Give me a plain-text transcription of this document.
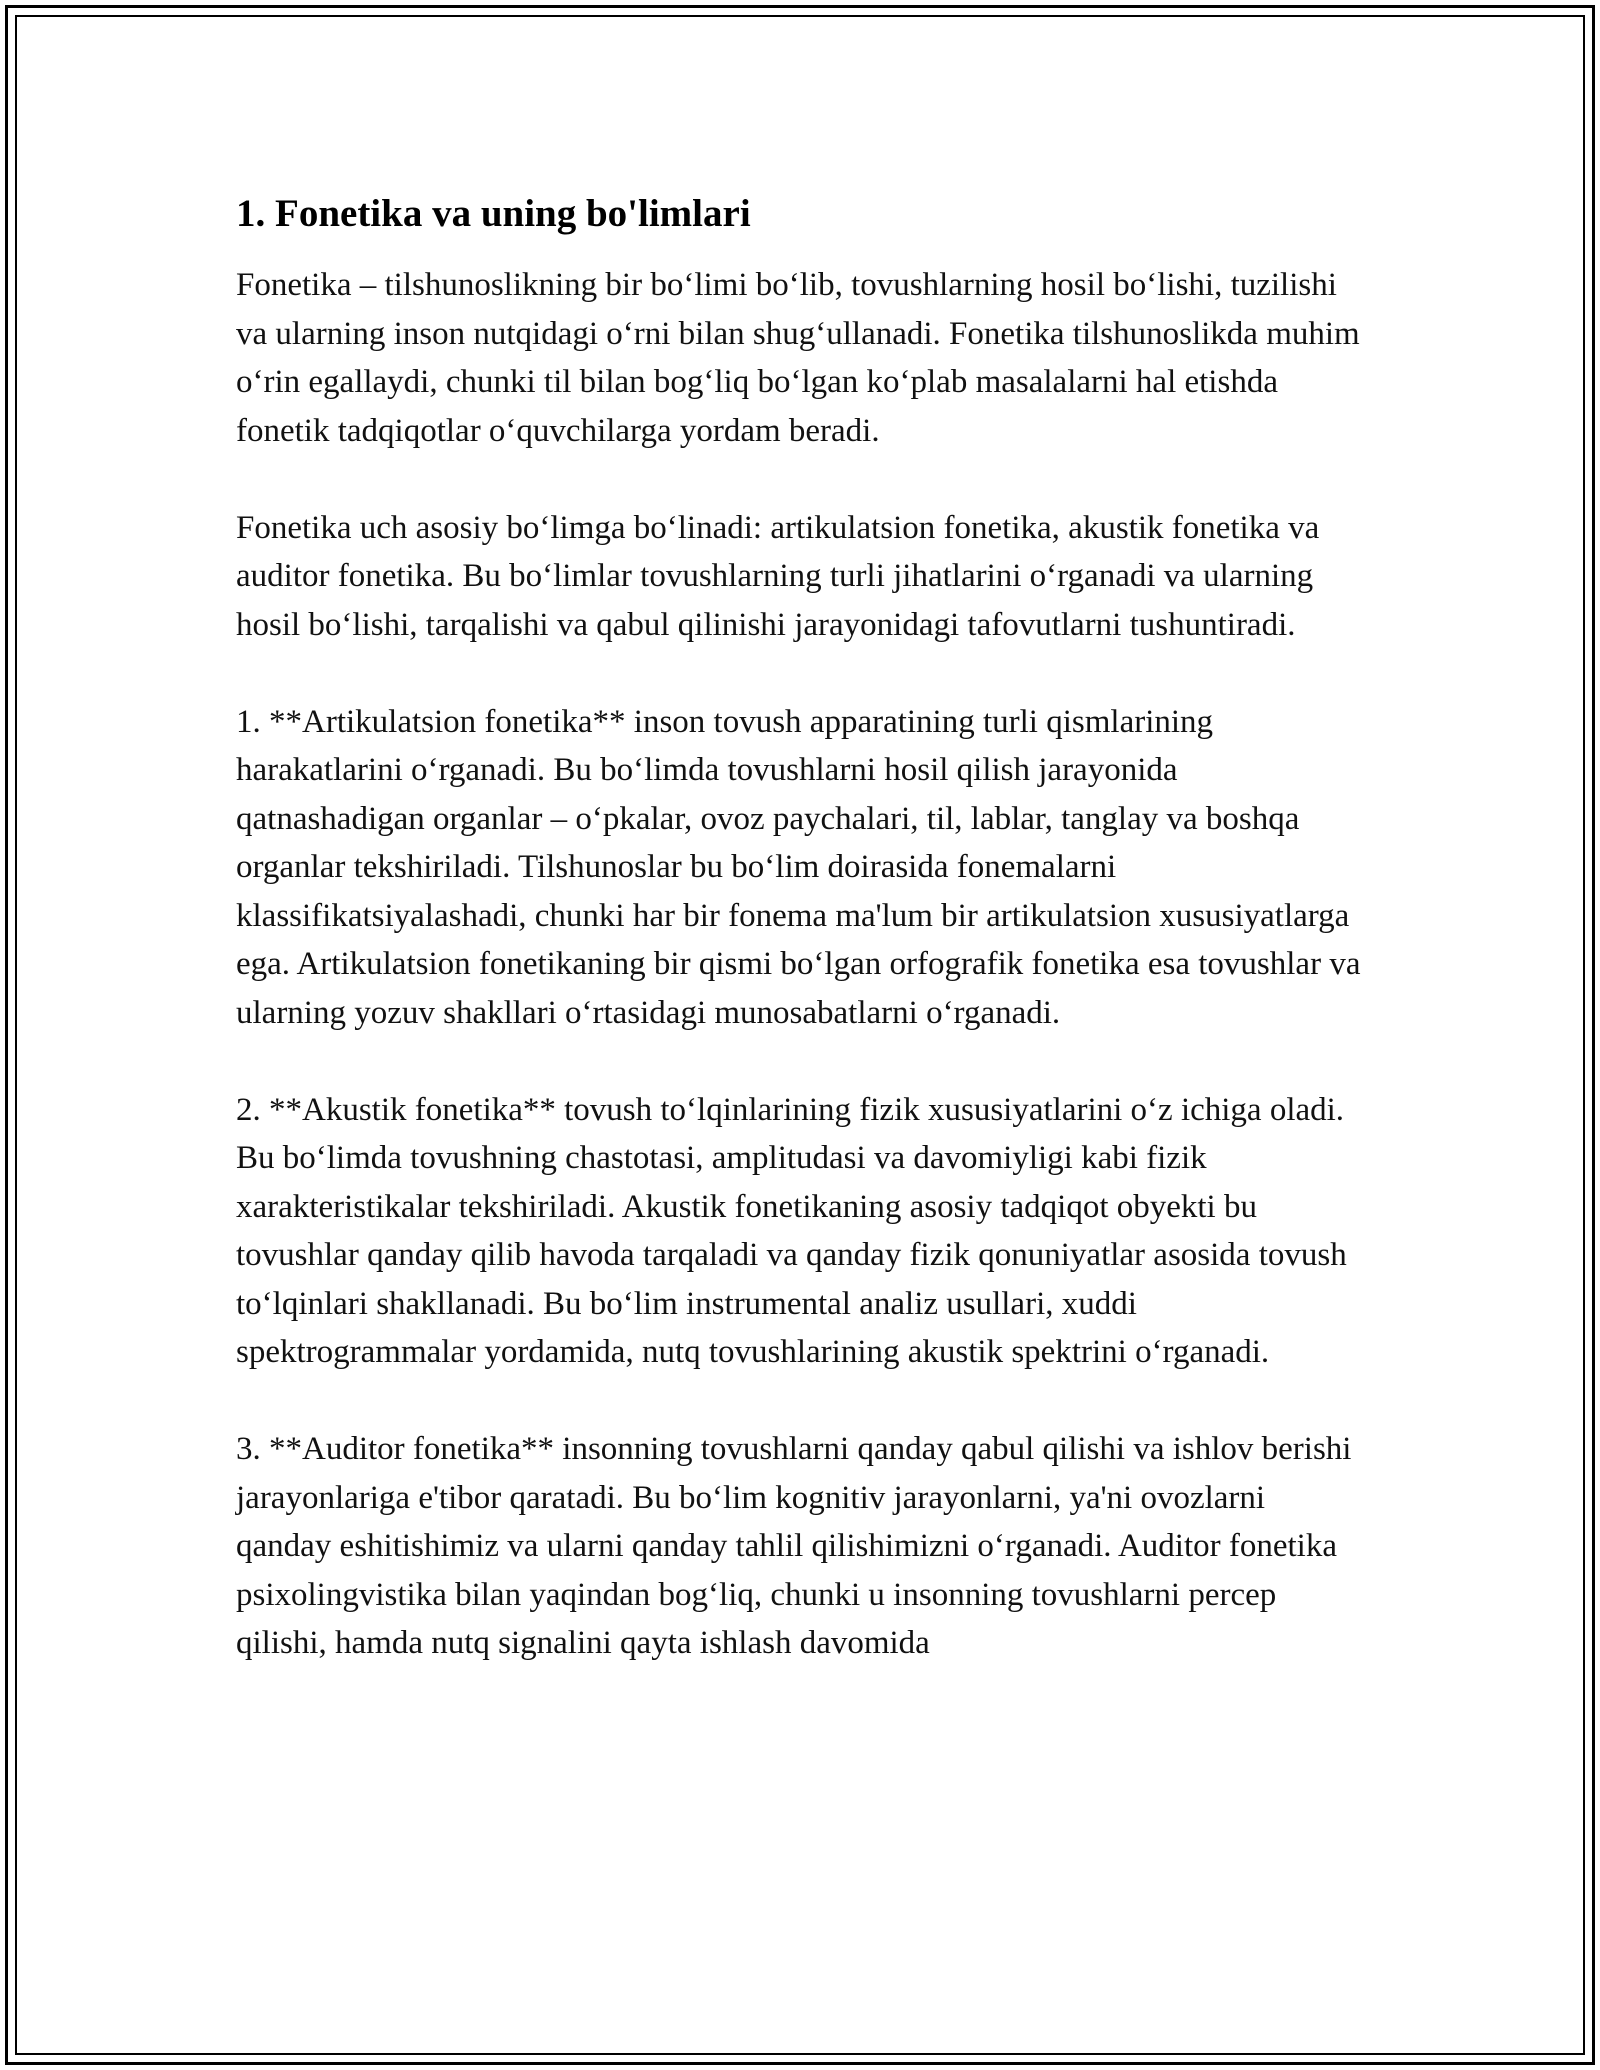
1. Fonetika va uning bo'limlari

Fonetika – tilshunoslikning bir bo‘limi bo‘lib, tovushlarning hosil bo‘lishi, tuzilishi va ularning inson nutqidagi o‘rni bilan shug‘ullanadi. Fonetika tilshunoslikda muhim o‘rin egallaydi, chunki til bilan bog‘liq bo‘lgan ko‘plab masalalarni hal etishda fonetik tadqiqotlar o‘quvchilarga yordam beradi.

Fonetika uch asosiy bo‘limga bo‘linadi: artikulatsion fonetika, akustik fonetika va auditor fonetika. Bu bo‘limlar tovushlarning turli jihatlarini o‘rganadi va ularning hosil bo‘lishi, tarqalishi va qabul qilinishi jarayonidagi tafovutlarni tushuntiradi.

1. **Artikulatsion fonetika** inson tovush apparatining turli qismlarining harakatlarini o‘rganadi. Bu bo‘limda tovushlarni hosil qilish jarayonida qatnashadigan organlar – o‘pkalar, ovoz paychalari, til, lablar, tanglay va boshqa organlar tekshiriladi. Tilshunoslar bu bo‘lim doirasida fonemalarni klassifikatsiyalashadi, chunki har bir fonema ma'lum bir artikulatsion xususiyatlarga ega. Artikulatsion fonetikaning bir qismi bo‘lgan orfografik fonetika esa tovushlar va ularning yozuv shakllari o‘rtasidagi munosabatlarni o‘rganadi.

2. **Akustik fonetika** tovush to‘lqinlarining fizik xususiyatlarini o‘z ichiga oladi. Bu bo‘limda tovushning chastotasi, amplitudasi va davomiyligi kabi fizik xarakteristikalar tekshiriladi. Akustik fonetikaning asosiy tadqiqot obyekti bu tovushlar qanday qilib havoda tarqaladi va qanday fizik qonuniyatlar asosida tovush to‘lqinlari shakllanadi. Bu bo‘lim instrumental analiz usullari, xuddi spektrogrammalar yordamida, nutq tovushlarining akustik spektrini o‘rganadi.

3. **Auditor fonetika** insonning tovushlarni qanday qabul qilishi va ishlov berishi jarayonlariga e'tibor qaratadi. Bu bo‘lim kognitiv jarayonlarni, ya'ni ovozlarni qanday eshitishimiz va ularni qanday tahlil qilishimizni o‘rganadi. Auditor fonetika psixolingvistika bilan yaqindan bog‘liq, chunki u insonning tovushlarni percep qilishi, hamda nutq signalini qayta ishlash davomida
